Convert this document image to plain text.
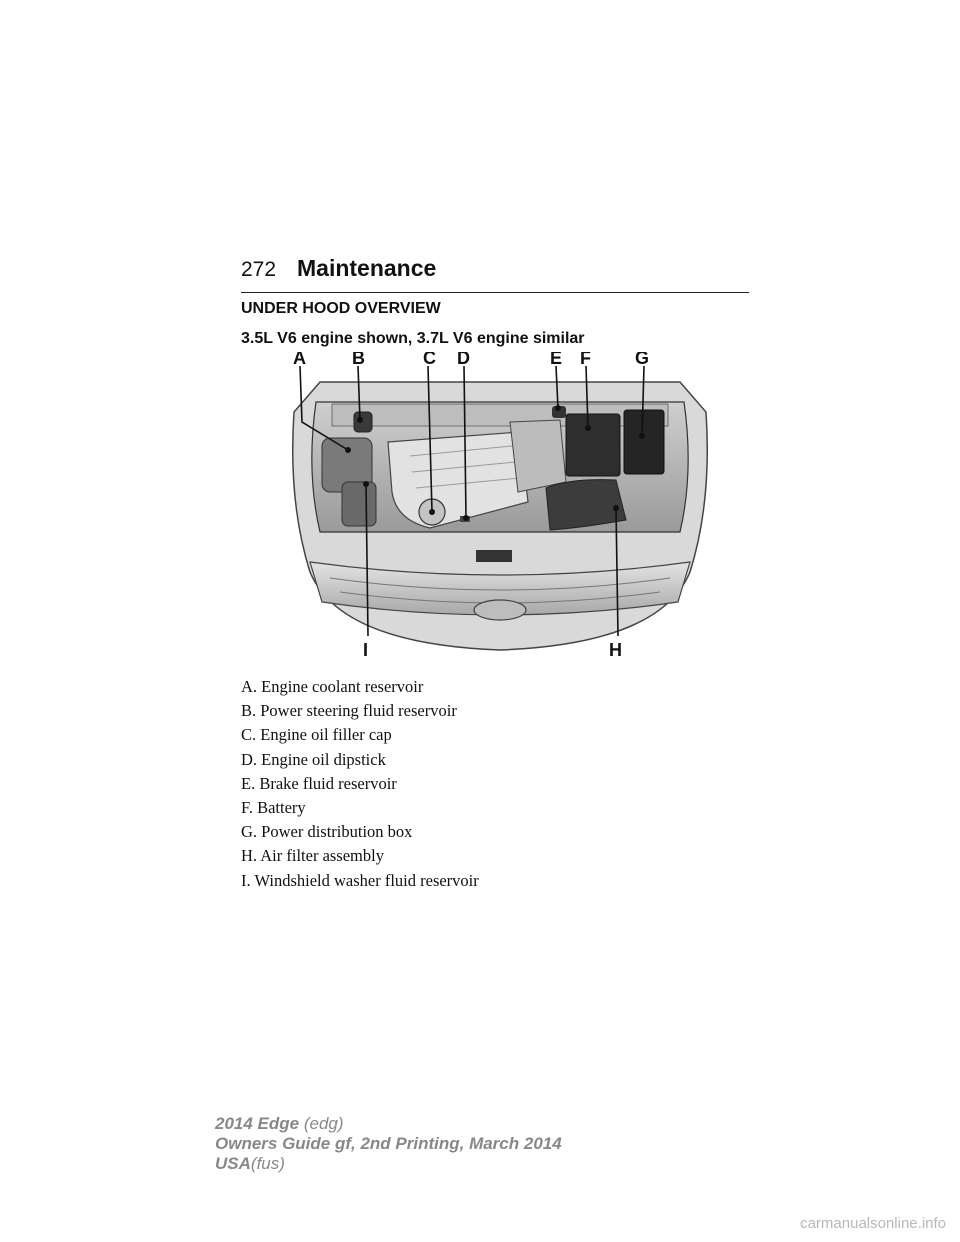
272 Maintenance
UNDER HOOD OVERVIEW
3.5L V6 engine shown, 3.7L V6 engine similar
A	B	C D	E F G
H
I
A. Engine coolant reservoir
B. Power steering fluid reservoir
C. Engine oil filler cap
D. Engine oil dipstick
E. Brake fluid reservoir
F. Battery
G. Power distribution box
H. Air filter assembly
I. Windshield washer fluid reservoir
2014 Edge (edg)
Owners Guide gf, 2nd Printing, March 2014
USA(fus)
carmanualsonline.info
